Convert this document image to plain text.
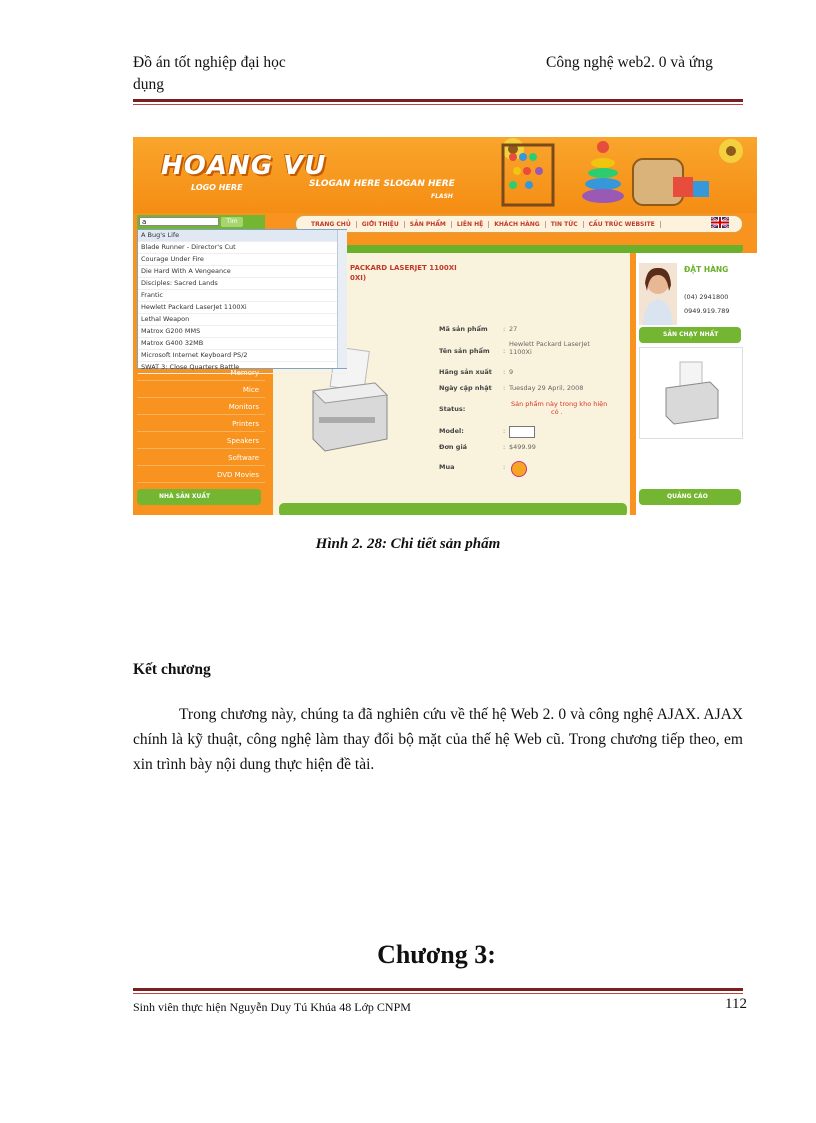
Đồ án tốt nghiệp đại học
dụng
Công nghệ web2. 0 và ứng
HOANG VU
LOGO HERE	SLOGAN HERE SLOGAN HERE
FLASH
TRANG CHỦ	GIỚI THIỆU	SẢN PHẨM	LIÊN HỆ	KHÁCH HÀNG	TIN TỨC	CẤU TRÚC WEBSITE
a	Tìm
Memory
Mice
Monitors
Printers
Speakers
Software
DVD Movies
NHÀ SẢN XUẤT
PACKARD LASERJET 1100XI
0XI)
Mã sản phẩm : 27
Tên sản phẩm :
Hewlett Packard LaserJet
1100Xi
Hãng sản xuất : 9
Ngày cập nhật : Tuesday 29 April, 2008
Status:
Sản phẩm này trong kho hiện
có .
Model:	:
Đơn giá	: $499.99
Mua	:
ĐẶT HÀNG
(04) 2941800
0949.919.789
SẢN CHẠY NHẤT
QUẢNG CÁO
A Bug's Life
Blade Runner - Director's Cut
Courage Under Fire
Die Hard With A Vengeance
Disciples: Sacred Lands
Frantic
Hewlett Packard LaserJet 1100Xi
Lethal Weapon
Matrox G200 MMS
Matrox G400 32MB
Microsoft Internet Keyboard PS/2
SWAT 3: Close Quarters Battle
Hình 2. 28: Chi tiết sản phẩm
Kết chương
Trong chương này, chúng ta đã nghiên cứu về thế hệ Web 2. 0 và công nghệ AJAX. AJAX chính là kỹ thuật, công nghệ làm thay đổi bộ mặt của thế hệ Web cũ. Trong chương tiếp theo, em xin trình bày nội dung thực hiện đề tài.
Chương 3:
Sinh viên thực hiện Nguyễn Duy Tú Khúa 48 Lớp CNPM	112
